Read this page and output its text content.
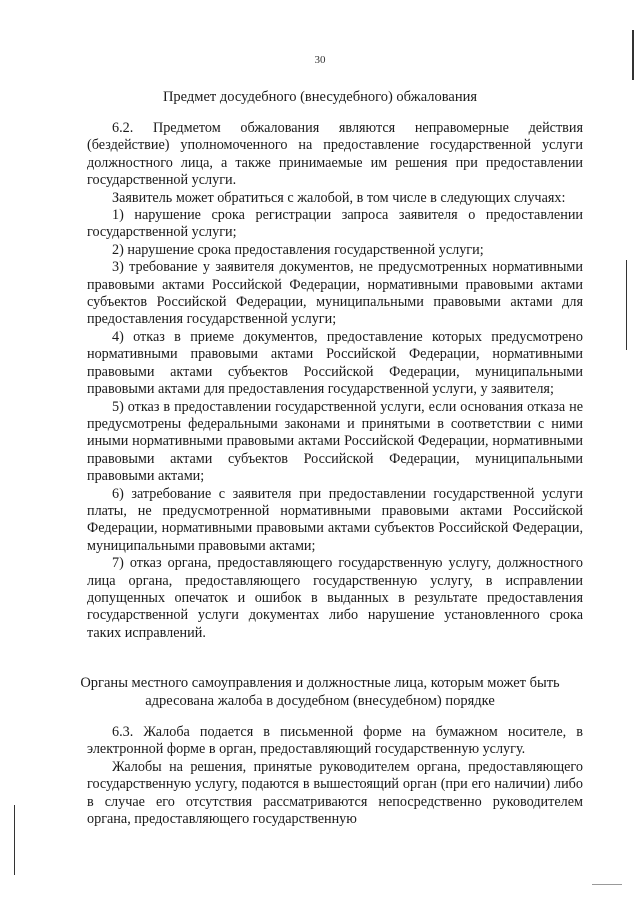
30
Предмет досудебного (внесудебного) обжалования

6.2. Предметом обжалования являются неправомерные действия (бездействие) уполномоченного на предоставление государственной услуги должностного лица, а также принимаемые им решения при предоставлении государственной услуги.

Заявитель может обратиться с жалобой, в том числе в следующих случаях:

1) нарушение срока регистрации запроса заявителя о предоставлении государственной услуги;

2) нарушение срока предоставления государственной услуги;

3) требование у заявителя документов, не предусмотренных нормативными правовыми актами Российской Федерации, нормативными правовыми актами субъектов Российской Федерации, муниципальными правовыми актами для предоставления государственной услуги;

4) отказ в приеме документов, предоставление которых предусмотрено нормативными правовыми актами Российской Федерации, нормативными правовыми актами субъектов Российской Федерации, муниципальными правовыми актами для предоставления государственной услуги, у заявителя;

5) отказ в предоставлении государственной услуги, если основания отказа не предусмотрены федеральными законами и принятыми в соответствии с ними иными нормативными правовыми актами Российской Федерации, нормативными правовыми актами субъектов Российской Федерации, муниципальными правовыми актами;

6) затребование с заявителя при предоставлении государственной услуги платы, не предусмотренной нормативными правовыми актами Российской Федерации, нормативными правовыми актами субъектов Российской Федерации, муниципальными правовыми актами;

7) отказ органа, предоставляющего государственную услугу, должностного лица органа, предоставляющего государственную услугу, в исправлении допущенных опечаток и ошибок в выданных в результате предоставления государственной услуги документах либо нарушение установленного срока таких исправлений.

Органы местного самоуправления и должностные лица, которым может быть
адресована жалоба в досудебном (внесудебном) порядке

6.3. Жалоба подается в письменной форме на бумажном носителе, в электронной форме в орган, предоставляющий государственную услугу.

Жалобы на решения, принятые руководителем органа, предоставляющего государственную услугу, подаются в вышестоящий орган (при его наличии) либо в случае его отсутствия рассматриваются непосредственно руководителем органа, предоставляющего государственную
